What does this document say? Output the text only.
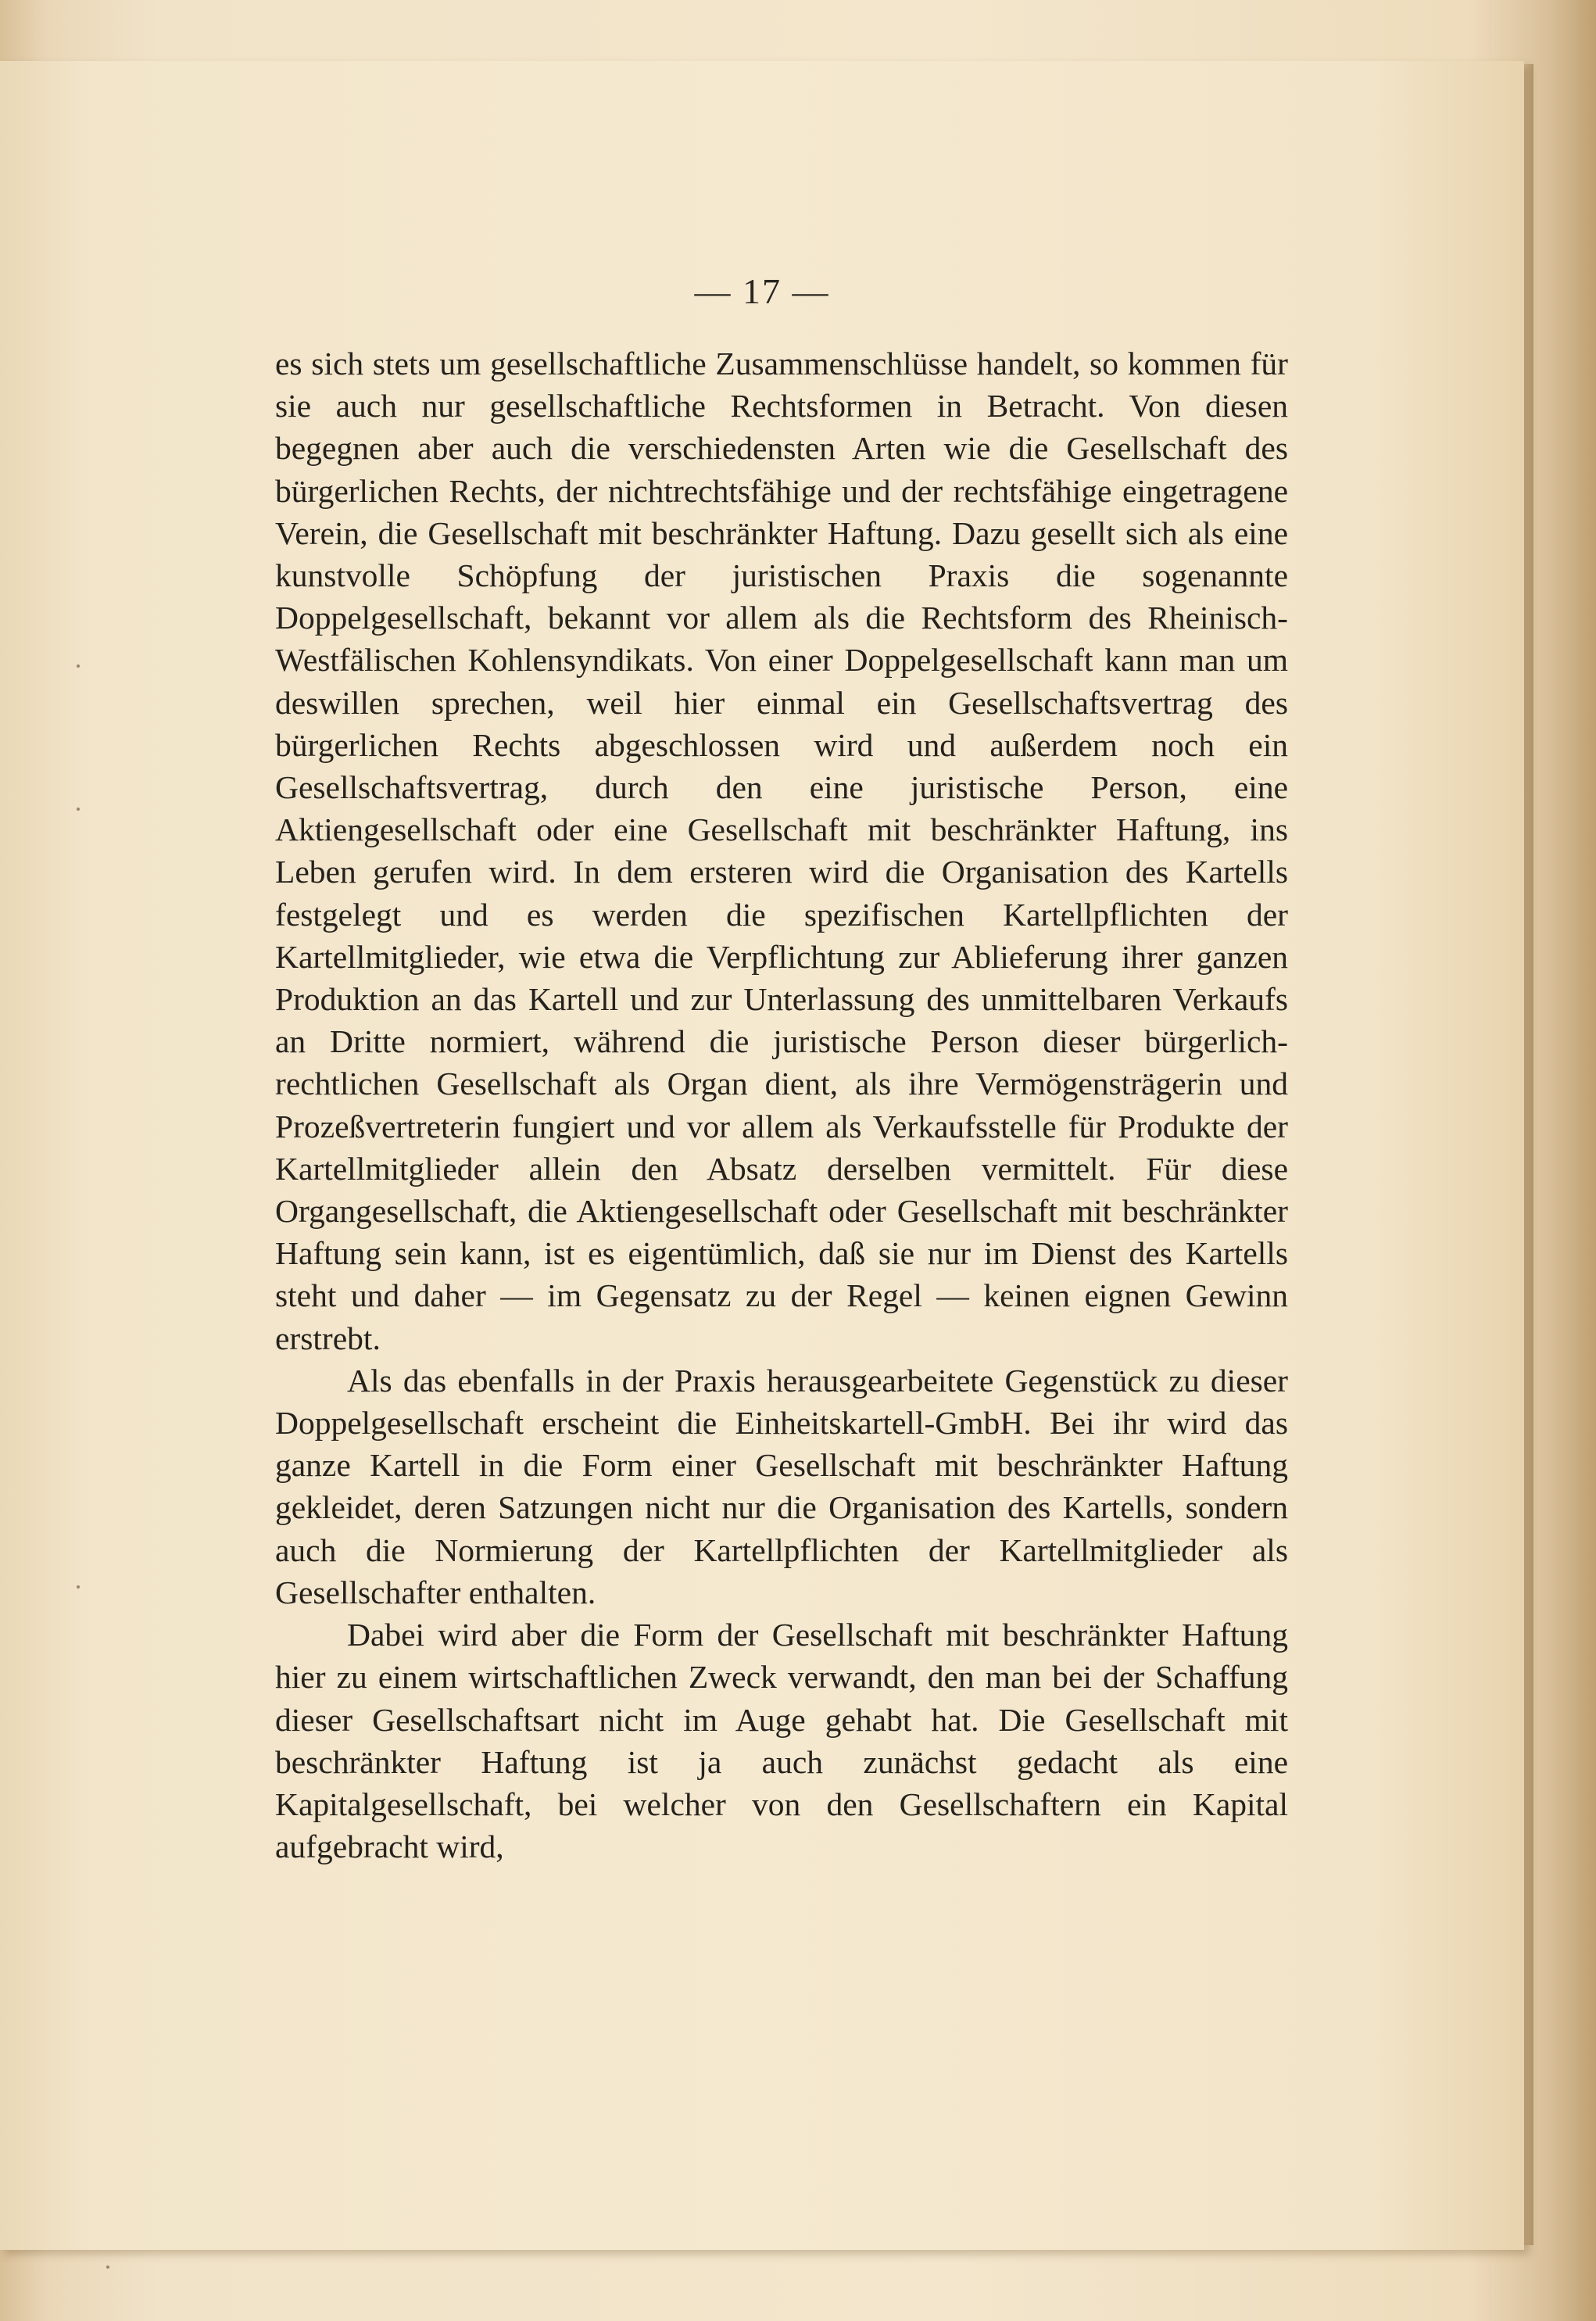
— 17 —

es sich stets um gesellschaftliche Zusammenschlüsse handelt, so kommen für sie auch nur gesellschaftliche Rechtsformen in Betracht. Von diesen begegnen aber auch die verschiedensten Arten wie die Gesellschaft des bürgerlichen Rechts, der nichtrechtsfähige und der rechtsfähige eingetragene Verein, die Gesellschaft mit beschränkter Haftung. Dazu gesellt sich als eine kunstvolle Schöpfung der juristischen Praxis die sogenannte Doppelgesellschaft, bekannt vor allem als die Rechtsform des Rheinisch-Westfälischen Kohlensyndikats. Von einer Doppelgesellschaft kann man um deswillen sprechen, weil hier einmal ein Gesellschaftsvertrag des bürgerlichen Rechts abgeschlossen wird und außerdem noch ein Gesellschaftsvertrag, durch den eine juristische Person, eine Aktiengesellschaft oder eine Gesellschaft mit beschränkter Haftung, ins Leben gerufen wird. In dem ersteren wird die Organisation des Kartells festgelegt und es werden die spezifischen Kartellpflichten der Kartellmitglieder, wie etwa die Verpflichtung zur Ablieferung ihrer ganzen Produktion an das Kartell und zur Unterlassung des unmittelbaren Verkaufs an Dritte normiert, während die juristische Person dieser bürgerlich-rechtlichen Gesellschaft als Organ dient, als ihre Vermögensträgerin und Prozeßvertreterin fungiert und vor allem als Verkaufsstelle für Produkte der Kartellmitglieder allein den Absatz derselben vermittelt. Für diese Organgesellschaft, die Aktiengesellschaft oder Gesellschaft mit beschränkter Haftung sein kann, ist es eigentümlich, daß sie nur im Dienst des Kartells steht und daher — im Gegensatz zu der Regel — keinen eignen Gewinn erstrebt.

Als das ebenfalls in der Praxis herausgearbeitete Gegenstück zu dieser Doppelgesellschaft erscheint die Einheitskartell-GmbH. Bei ihr wird das ganze Kartell in die Form einer Gesellschaft mit beschränkter Haftung gekleidet, deren Satzungen nicht nur die Organisation des Kartells, sondern auch die Normierung der Kartellpflichten der Kartellmitglieder als Gesellschafter enthalten.

Dabei wird aber die Form der Gesellschaft mit beschränkter Haftung hier zu einem wirtschaftlichen Zweck verwandt, den man bei der Schaffung dieser Gesellschaftsart nicht im Auge gehabt hat. Die Gesellschaft mit beschränkter Haftung ist ja auch zunächst gedacht als eine Kapitalgesellschaft, bei welcher von den Gesellschaftern ein Kapital aufgebracht wird,
